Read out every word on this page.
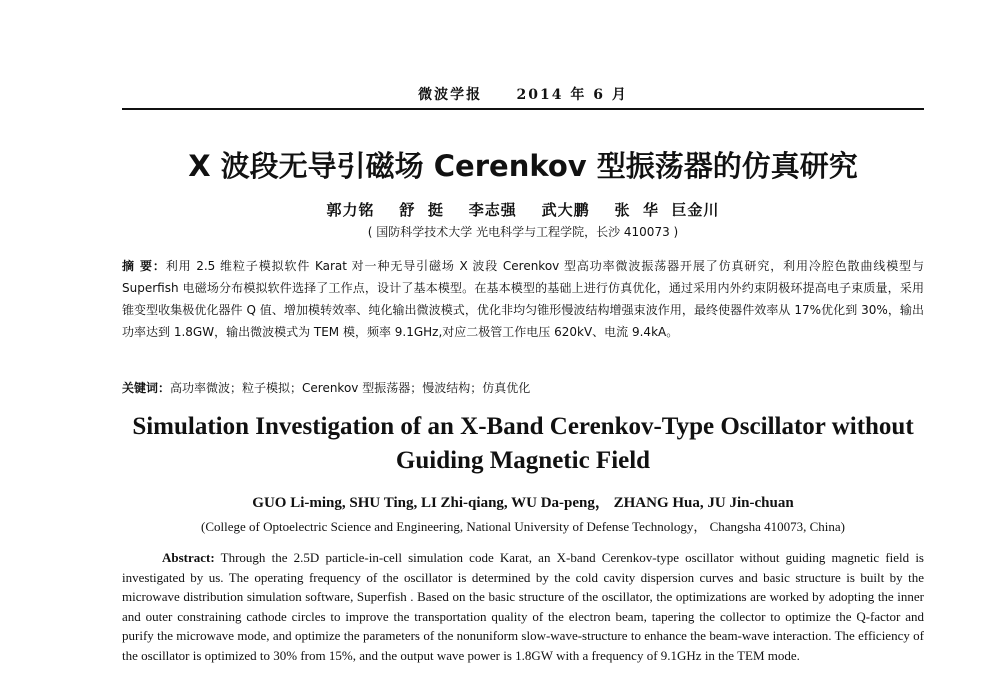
微波学报 2014 年 6 月
X 波段无导引磁场 Cerenkov 型振荡器的仿真研究
郭力铭    舒  挺    李志强    武大鹏    张  华  巨金川
( 国防科学技术大学 光电科学与工程学院，长沙 410073 )

摘 要：利用 2.5 维粒子模拟软件 Karat 对一种无导引磁场 X 波段 Cerenkov 型高功率微波振荡器开展了仿真研究，利用冷腔色散曲线模型与 Superfish 电磁场分布模拟软件选择了工作点，设计了基本模型。在基本模型的基础上进行仿真优化，通过采用内外约束阴极环提高电子束质量，采用锥变型收集极优化器件 Q 值、增加模转效率、纯化输出微波模式，优化非均匀锥形慢波结构增强束波作用，最终使器件效率从 17%优化到 30%，输出功率达到 1.8GW，输出微波模式为 TEM 模，频率 9.1GHz,对应二极管工作电压 620kV、电流 9.4kA。

关键词：高功率微波；粒子模拟；Cerenkov 型振荡器；慢波结构；仿真优化
Simulation Investigation of an X-Band Cerenkov-Type Oscillator without Guiding Magnetic Field
GUO Li-ming, SHU Ting, LI Zhi-qiang, WU Da-peng， ZHANG Hua, JU Jin-chuan
(College of Optoelectric Science and Engineering, National University of Defense Technology， Changsha 410073, China)

Abstract: Through the 2.5D particle-in-cell simulation code Karat, an X-band Cerenkov-type oscillator without guiding magnetic field is investigated by us. The operating frequency of the oscillator is determined by the cold cavity dispersion curves and basic structure is built by the microwave distribution simulation software, Superfish . Based on the basic structure of the oscillator, the optimizations are worked by adopting the inner and outer constraining cathode circles to improve the transportation quality of the electron beam, tapering the collector to optimize the Q-factor and purify the microwave mode, and optimize the parameters of the nonuniform slow-wave-structure to enhance the beam-wave interaction. The efficiency of the oscillator is optimized to 30% from 15%, and the output wave power is 1.8GW with a frequency of 9.1GHz in the TEM mode.
